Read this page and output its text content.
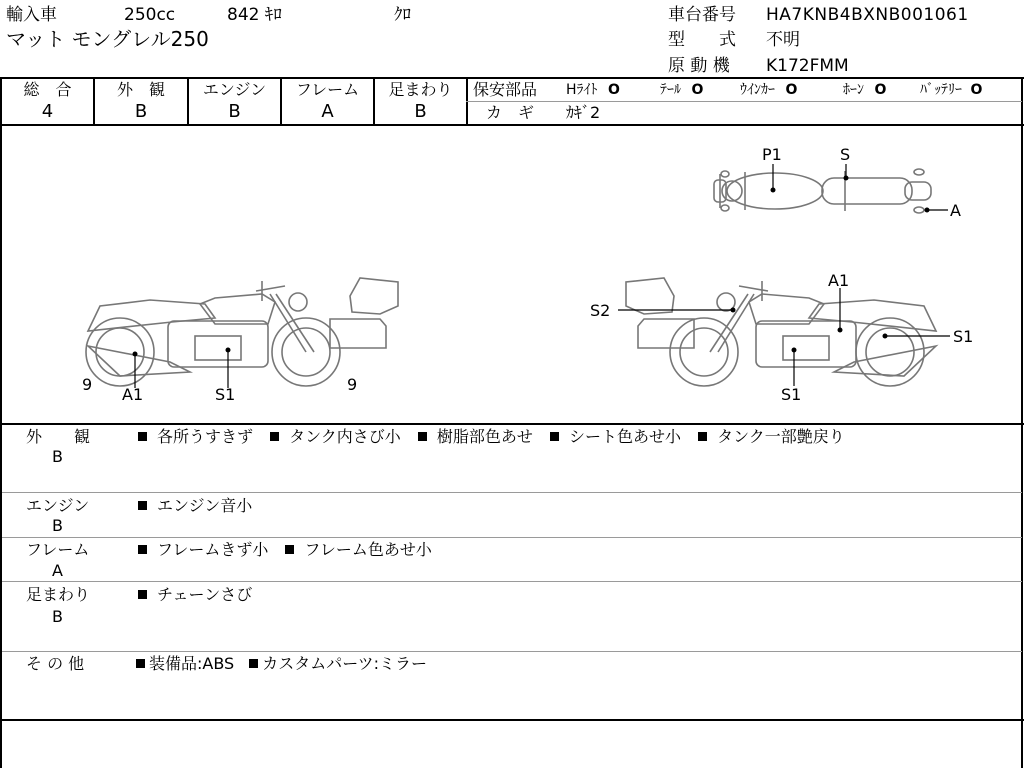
輸入車	250cc	842 ｷﾛ	ｸﾛ
マット モングレル250
車台番号 HA7KNB4BXNB001061
型　　式 不明
原 動 機 K172FMM
総　合
4
外　観
B
エンジン
B
フレーム
A
足まわり
B
保安部品 Hﾗｲﾄ O	ﾃｰﾙ O	ｳｲﾝｶｰ O	ﾎｰﾝ O ﾊﾞｯﾃﾘｰ O
カ　ギ ｶｷﾞ2
P1	S
A
9
A1	S1
9
A1
S2
S1
S1
外　　観
B
各所うすきず タンク内さび小 樹脂部色あせ シート色あせ小 タンク一部艶戻り
エンジン
B
エンジン音小
フレーム
A
フレームきず小 フレーム色あせ小
足まわり
B
チェーンさび
そ の 他	装備品:ABS カスタムパーツ:ミラー
